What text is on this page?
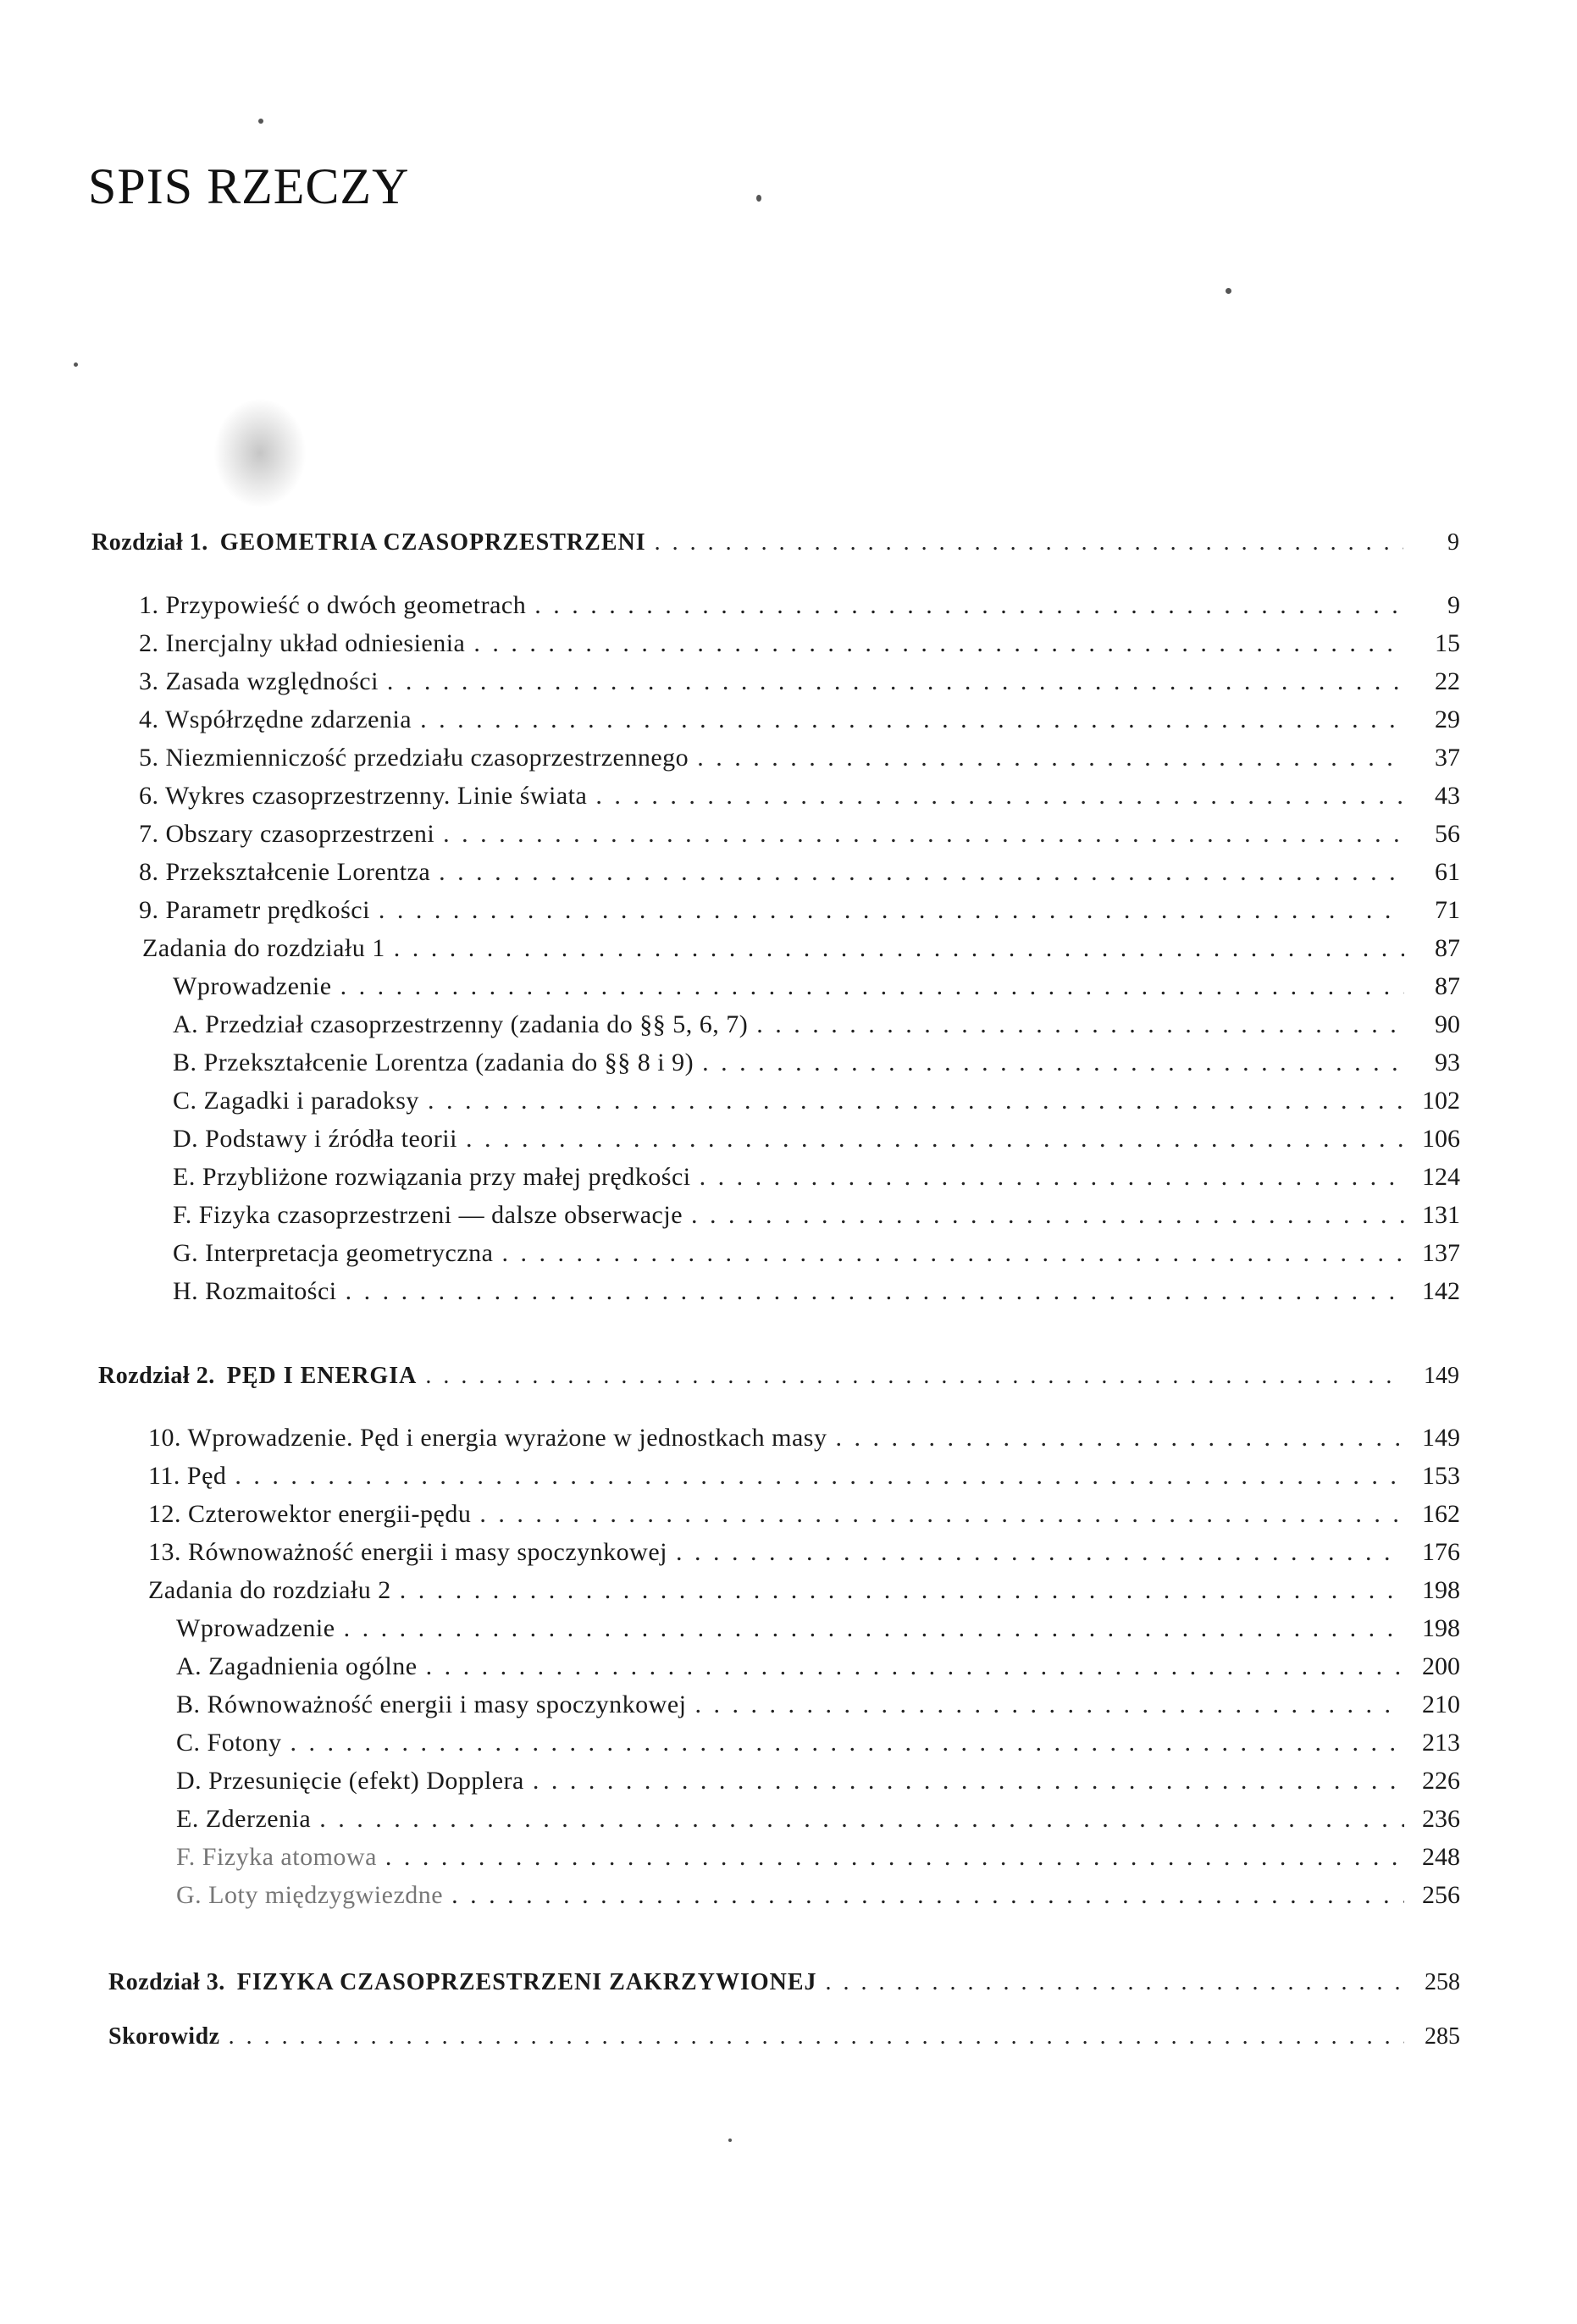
SPIS RZECZY
Rozdział 1. GEOMETRIA CZASOPRZESTRZENI . . .	9
1. Przypowieść o dwóch geometrach . . .	9
2. Inercjalny układ odniesienia . . .	15
3. Zasada względności . . .	22
4. Współrzędne zdarzenia . . .	29
5. Niezmienniczość przedziału czasoprzestrzennego . . .	37
6. Wykres czasoprzestrzenny. Linie świata . . .	43
7. Obszary czasoprzestrzeni . . .	56
8. Przekształcenie Lorentza . . .	61
9. Parametr prędkości . . .	71
Zadania do rozdziału 1 . . .	87
Wprowadzenie . . .	87
A. Przedział czasoprzestrzenny (zadania do §§ 5, 6, 7) . . .	90
B. Przekształcenie Lorentza (zadania do §§ 8 i 9) . . .	93
C. Zagadki i paradoksy . . .	102
D. Podstawy i źródła teorii . . .	106
E. Przybliżone rozwiązania przy małej prędkości . . .	124
F. Fizyka czasoprzestrzeni — dalsze obserwacje . . .	131
G. Interpretacja geometryczna . . .	137
H. Rozmaitości . . .	142
Rozdział 2. PĘD I ENERGIA . . .	149
10. Wprowadzenie. Pęd i energia wyrażone w jednostkach masy . . .	149
11. Pęd . . .	153
12. Czterowektor energii-pędu . . .	162
13. Równoważność energii i masy spoczynkowej . . .	176
Zadania do rozdziału 2 . . .	198
Wprowadzenie . . .	198
A. Zagadnienia ogólne . . .	200
B. Równoważność energii i masy spoczynkowej . . .	210
C. Fotony . . .	213
D. Przesunięcie (efekt) Dopplera . . .	226
E. Zderzenia . . .	236
F. Fizyka atomowa . . .	248
G. Loty międzygwiezdne . . .	256
Rozdział 3. FIZYKA CZASOPRZESTRZENI ZAKRZYWIONEJ . . .	258
Skorowidz . . .	285
